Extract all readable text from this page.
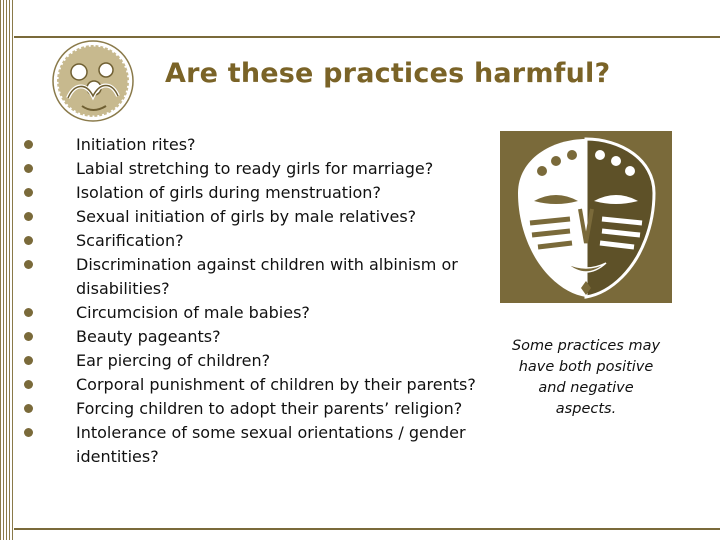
Are these practices harmful?
Initiation rites?
Labial stretching to ready girls for marriage?
Isolation of girls during menstruation?
Sexual initiation of girls by male relatives?
Scarification?
Discrimination against children with albinism or disabilities?
Circumcision of male babies?
Beauty pageants?
Ear piercing of children?
Corporal punishment of children by their parents?
Forcing children to adopt their parents’ religion?
Intolerance of some sexual orientations / gender identities?
Some practices may have both positive and negative aspects.
